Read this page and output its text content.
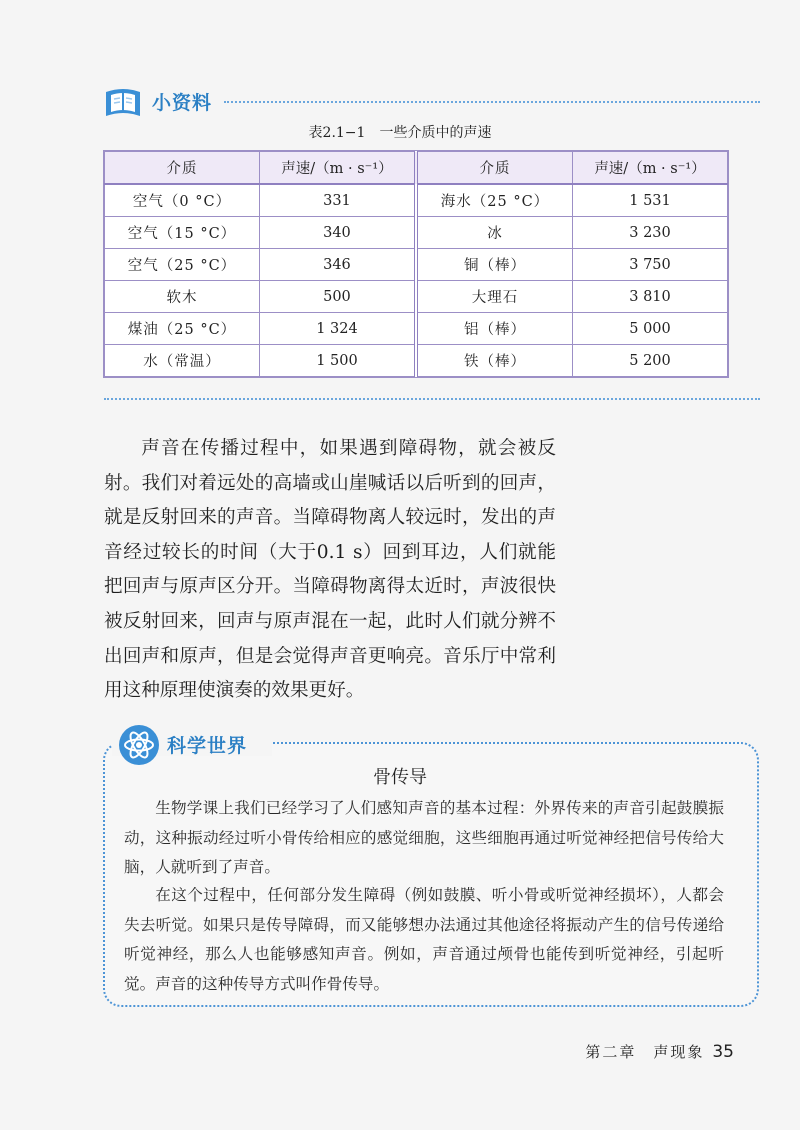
小资料
表2.1−1　一些介质中的声速
介质	声速/（m · s⁻¹）	介质	声速/（m · s⁻¹）
空气（0 °C）	331	海水（25 °C）	1 531
空气（15 °C）	340	冰	3 230
空气（25 °C）	346	铜（棒）	3 750
软木	500	大理石	3 810
煤油（25 °C）	1 324	铝（棒）	5 000
水（常温）	1 500	铁（棒）	5 200

声音在传播过程中，如果遇到障碍物，就会被反射。我们对着远处的高墙或山崖喊话以后听到的回声，就是反射回来的声音。当障碍物离人较远时，发出的声音经过较长的时间（大于0.1 s）回到耳边，人们就能把回声与原声区分开。当障碍物离得太近时，声波很快被反射回来，回声与原声混在一起，此时人们就分辨不出回声和原声，但是会觉得声音更响亮。音乐厅中常利用这种原理使演奏的效果更好。

科学世界
骨传导

生物学课上我们已经学习了人们感知声音的基本过程：外界传来的声音引起鼓膜振动，这种振动经过听小骨传给相应的感觉细胞，这些细胞再通过听觉神经把信号传给大脑，人就听到了声音。

在这个过程中，任何部分发生障碍（例如鼓膜、听小骨或听觉神经损坏），人都会失去听觉。如果只是传导障碍，而又能够想办法通过其他途径将振动产生的信号传递给听觉神经，那么人也能够感知声音。例如，声音通过颅骨也能传到听觉神经，引起听觉。声音的这种传导方式叫作骨传导。

第二章　声现象 35
